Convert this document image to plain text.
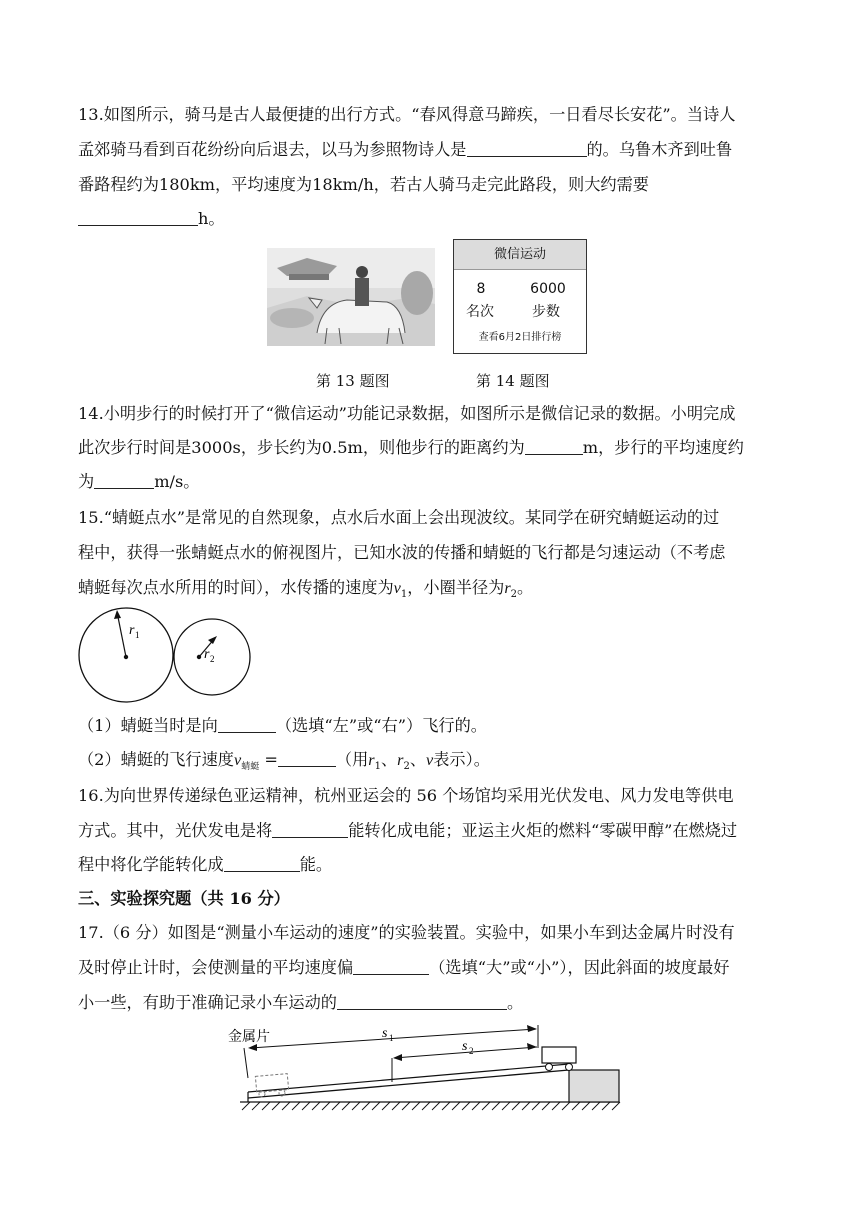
13.如图所示，骑马是古人最便捷的出行方式。“春风得意马蹄疾，一日看尽长安花”。当诗人
孟郊骑马看到百花纷纷向后退去，以马为参照物诗人是	的。乌鲁木齐到吐鲁
番路程约为180km，平均速度为18km/h，若古人骑马走完此路段，则大约需要
h。
微信运动
8	6000
名次	步数
查看6月2日排行榜
第 13 题图	第 14 题图
14.小明步行的时候打开了“微信运动”功能记录数据，如图所示是微信记录的数据。小明完成
此次步行时间是3000s，步长约为0.5m，则他步行的距离约为	m，步行的平均速度约
为	m/s。
15.“蜻蜓点水”是常见的自然现象，点水后水面上会出现波纹。某同学在研究蜻蜓运动的过
程中，获得一张蜻蜓点水的俯视图片，已知水波的传播和蜻蜓的飞行都是匀速运动（不考虑
蜻蜓每次点水所用的时间），水传播的速度为$v_1$，小圈半径为$r_2$。
r 1
r 2
（1）蜻蜓当时是向	（选填“左”或“右”）飞行的。
（2）蜻蜓的飞行速度$v_{蜻蜓}$ =	（用$r_1$、$r_2$、v表示）。
16.为向世界传递绿色亚运精神，杭州亚运会的 56 个场馆均采用光伏发电、风力发电等供电
方式。其中，光伏发电是将	能转化成电能；亚运主火炬的燃料“零碳甲醇”在燃烧过
程中将化学能转化成	能。
三、实验探究题（共 16 分）
17.（6 分）如图是“测量小车运动的速度”的实验装置。实验中，如果小车到达金属片时没有
及时停止计时，会使测量的平均速度偏	（选填“大”或“小”），因此斜面的坡度最好
小一些，有助于准确记录小车运动的	。
金属片	s 1
s 2
